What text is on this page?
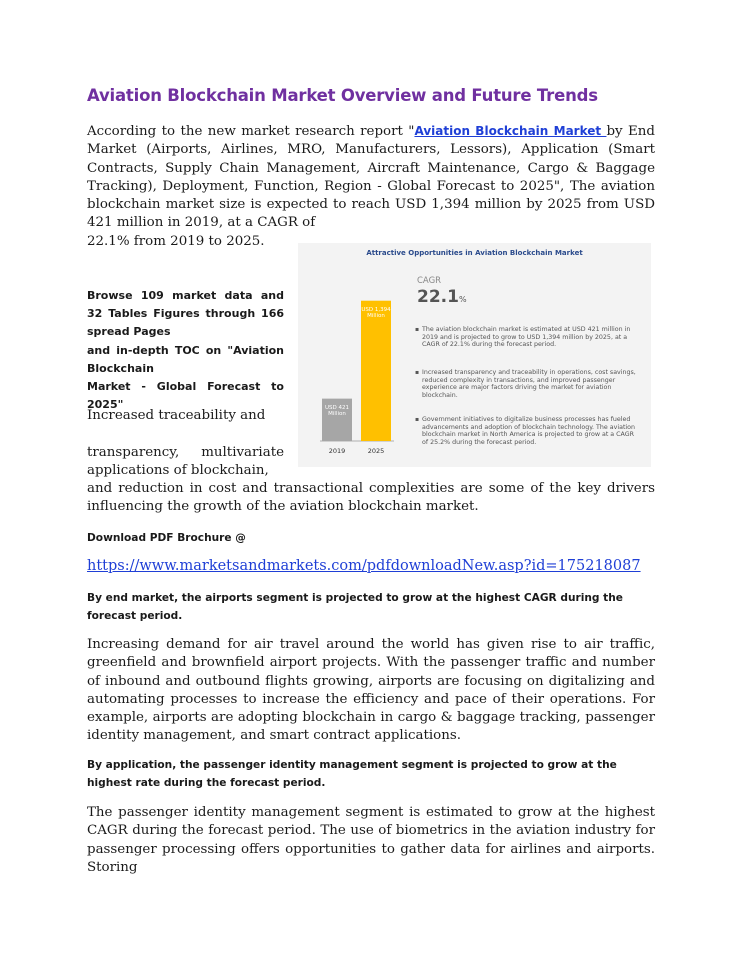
Aviation Blockchain Market Overview and Future Trends
According to the new market research report "Aviation Blockchain Market by End Market (Airports, Airlines, MRO, Manufacturers, Lessors), Application (Smart Contracts, Supply Chain Management, Aircraft Maintenance, Cargo & Baggage Tracking), Deployment, Function, Region - Global Forecast to 2025", The aviation blockchain market size is expected to reach USD 1,394 million by 2025 from USD 421 million in 2019, at a CAGR of
22.1% from 2019 to 2025.
Browse 109 market data and 32 Tables Figures through 166 spread Pages
and in-depth TOC on "Aviation Blockchain
Market - Global Forecast to 2025"
Increased traceability and
transparency, multivariate applications of blockchain,
and reduction in cost and transactional complexities are some of the key drivers influencing the growth of the aviation blockchain market.
Download PDF Brochure @
https://www.marketsandmarkets.com/pdfdownloadNew.asp?id=175218087
By end market, the airports segment is projected to grow at the highest CAGR during the forecast period.
Increasing demand for air travel around the world has given rise to air traffic, greenfield and brownfield airport projects. With the passenger traffic and number of inbound and outbound flights growing, airports are focusing on digitalizing and automating processes to increase the efficiency and pace of their operations. For example, airports are adopting blockchain in cargo & baggage tracking, passenger identity management, and smart contract applications.
By application, the passenger identity management segment is projected to grow at the highest rate during the forecast period.
The passenger identity management segment is estimated to grow at the highest CAGR during the forecast period. The use of biometrics in the aviation industry for passenger processing offers opportunities to gather data for airlines and airports. Storing
Attractive Opportunities in Aviation Blockchain Market
USD 421 Million
USD 1,394 Million
2019	2025
CAGR
22.1%
▪ The aviation blockchain market is estimated at USD 421 million in 2019 and is projected to grow to USD 1,394 million by 2025, at a CAGR of 22.1% during the forecast period.
▪ Increased transparency and traceability in operations, cost savings, reduced complexity in transactions, and improved passenger experience are major factors driving the market for aviation blockchain.
▪ Government initiatives to digitalize business processes has fueled advancements and adoption of blockchain technology. The aviation blockchain market in North America is projected to grow at a CAGR of 25.2% during the forecast period.
